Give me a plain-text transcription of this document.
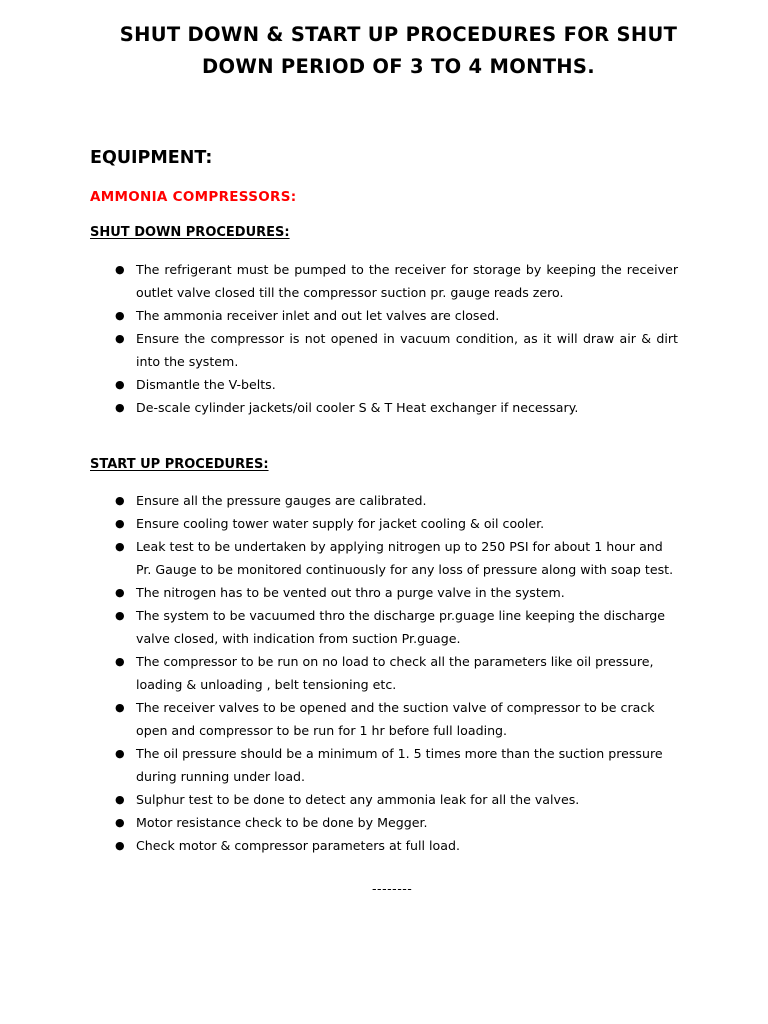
SHUT DOWN & START UP PROCEDURES FOR SHUT
DOWN PERIOD OF 3 TO 4 MONTHS.
EQUIPMENT:
AMMONIA COMPRESSORS:
SHUT DOWN PROCEDURES:
● The refrigerant must be pumped to the receiver for storage by keeping the receiver outlet valve closed till the compressor suction pr. gauge reads zero.
● The ammonia receiver inlet and out let valves are closed.
● Ensure the compressor is not opened in vacuum condition, as it will draw air & dirt into the system.
● Dismantle the V-belts.
● De-scale cylinder jackets/oil cooler S & T Heat exchanger if necessary.
START UP PROCEDURES:
● Ensure all the pressure gauges are calibrated.
● Ensure cooling tower water supply for jacket cooling & oil cooler.
● Leak test to be undertaken by applying nitrogen up to 250 PSI for about 1 hour and Pr. Gauge to be monitored continuously for any loss of pressure along with soap test.
● The nitrogen has to be vented out thro a purge valve in the system.
● The system to be vacuumed thro the discharge pr.guage line keeping the discharge valve closed, with indication from suction Pr.guage.
● The compressor to be run on no load to check all the parameters like oil pressure, loading & unloading , belt tensioning etc.
● The receiver valves to be opened and the suction valve of compressor to be crack open and compressor to be run for 1 hr before full loading.
● The oil pressure should be a minimum of 1. 5 times more than the suction pressure during running under load.
● Sulphur test to be done to detect any ammonia leak for all the valves.
● Motor resistance check to be done by Megger.
● Check motor & compressor parameters at full load.
--------
